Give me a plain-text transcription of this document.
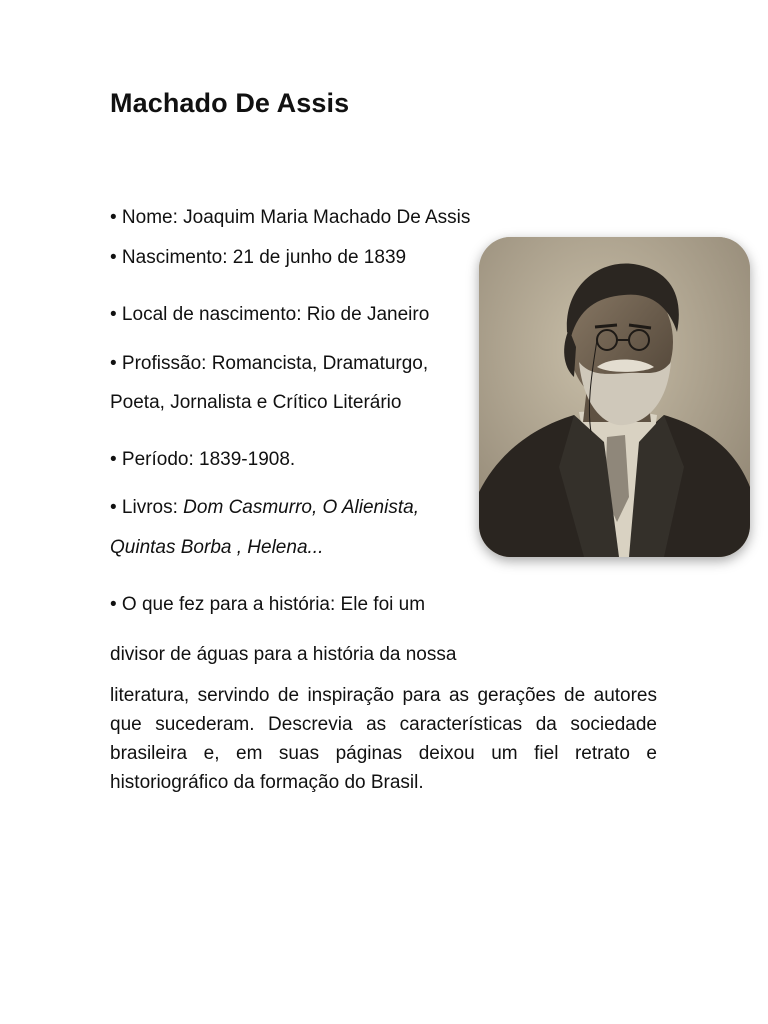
Machado De Assis
• Nome: Joaquim Maria Machado De Assis
• Nascimento: 21 de junho de 1839
• Local de nascimento: Rio de Janeiro
• Profissão: Romancista, Dramaturgo,
Poeta, Jornalista e Crítico Literário
• Período: 1839-1908.
• Livros: Dom Casmurro, O Alienista,
Quintas Borba , Helena...
• O que fez para a história: Ele foi um
divisor de águas para a história da nossa
literatura, servindo de inspiração para as gerações de autores que sucederam. Descrevia as características da sociedade brasileira e, em suas páginas deixou um fiel retrato e historiográfico da formação do Brasil.
